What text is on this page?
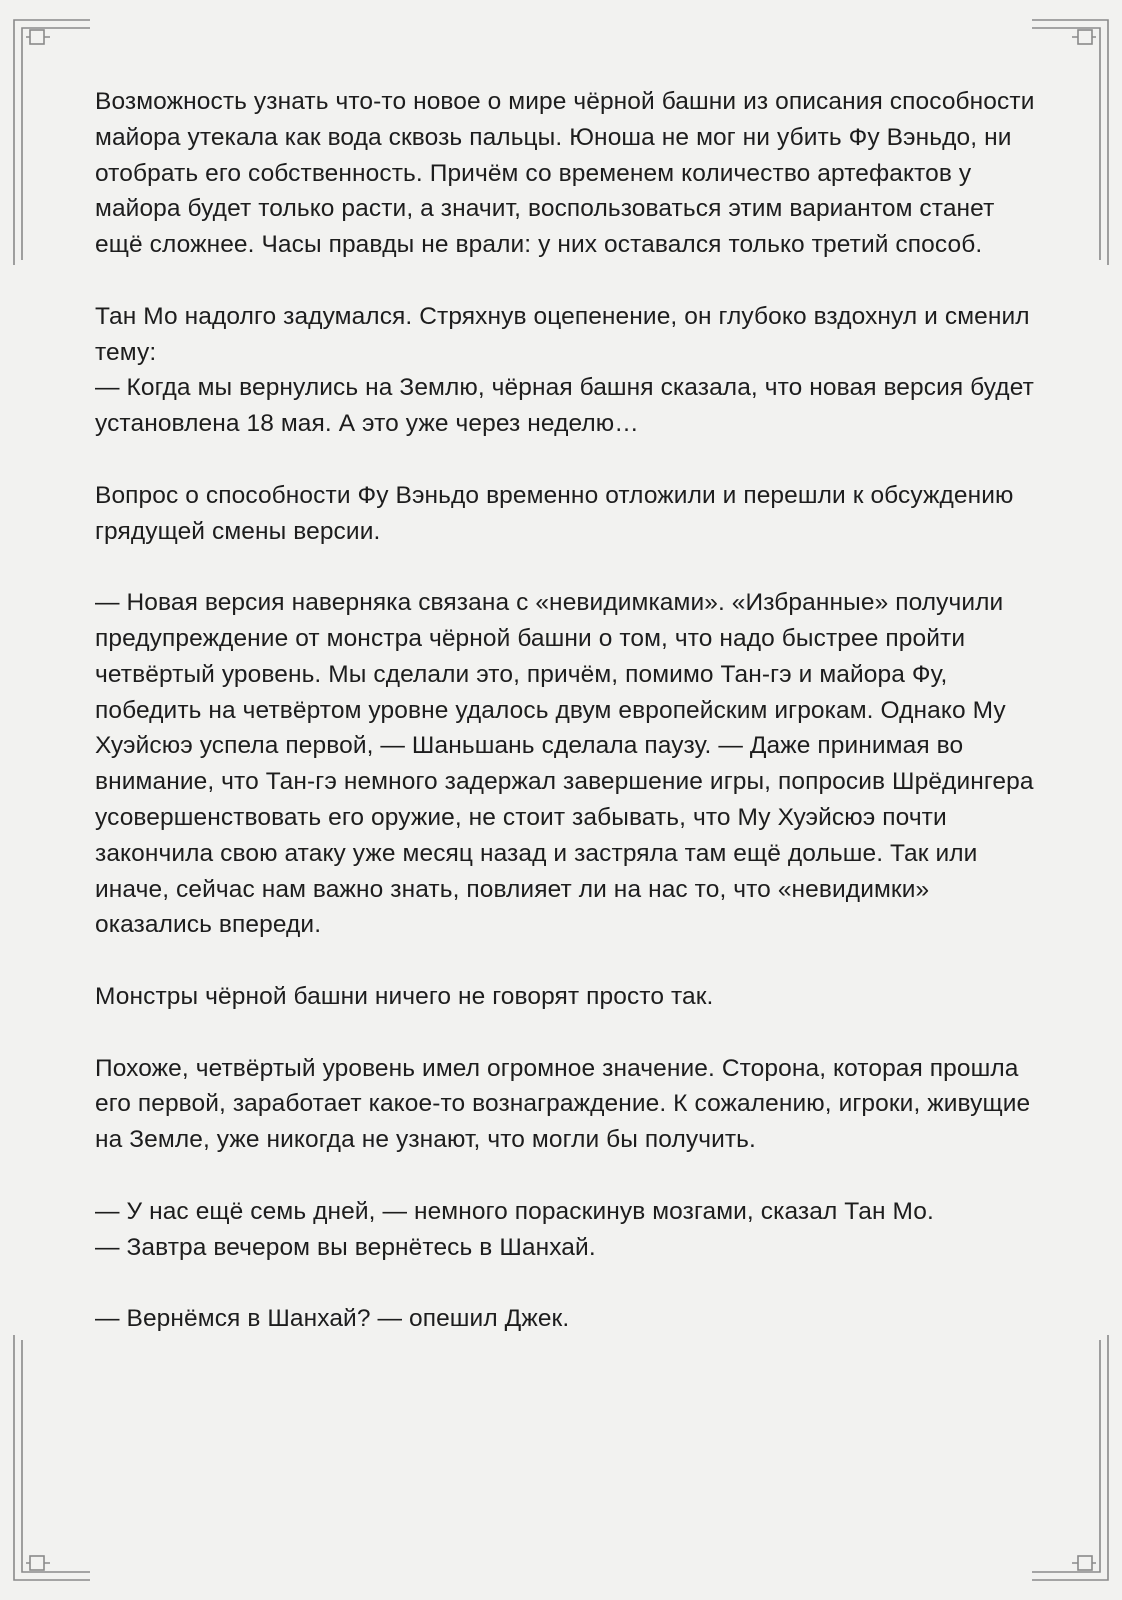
Возможность узнать что-то новое о мире чёрной башни из описания способности майора утекала как вода сквозь пальцы. Юноша не мог ни убить Фу Вэньдо, ни отобрать его собственность. Причём со временем количество артефактов у майора будет только расти, а значит, воспользоваться этим вариантом станет ещё сложнее. Часы правды не врали: у них оставался только третий способ.

Тан Мо надолго задумался. Стряхнув оцепенение, он глубоко вздохнул и сменил тему:
— Когда мы вернулись на Землю, чёрная башня сказала, что новая версия будет установлена 18 мая. А это уже через неделю…

Вопрос о способности Фу Вэньдо временно отложили и перешли к обсуждению грядущей смены версии.

— Новая версия наверняка связана с «невидимками». «Избранные» получили предупреждение от монстра чёрной башни о том, что надо быстрее пройти четвёртый уровень. Мы сделали это, причём, помимо Тан-гэ и майора Фу, победить на четвёртом уровне удалось двум европейским игрокам. Однако Му Хуэйсюэ успела первой, — Шаньшань сделала паузу. — Даже принимая во внимание, что Тан-гэ немного задержал завершение игры, попросив Шрёдингера усовершенствовать его оружие, не стоит забывать, что Му Хуэйсюэ почти закончила свою атаку уже месяц назад и застряла там ещё дольше. Так или иначе, сейчас нам важно знать, повлияет ли на нас то, что «невидимки» оказались впереди.

Монстры чёрной башни ничего не говорят просто так.

Похоже, четвёртый уровень имел огромное значение. Сторона, которая прошла его первой, заработает какое-то вознаграждение. К сожалению, игроки, живущие на Земле, уже никогда не узнают, что могли бы получить.

— У нас ещё семь дней, — немного пораскинув мозгами, сказал Тан Мо.
— Завтра вечером вы вернётесь в Шанхай.

— Вернёмся в Шанхай? — опешил Джек.
